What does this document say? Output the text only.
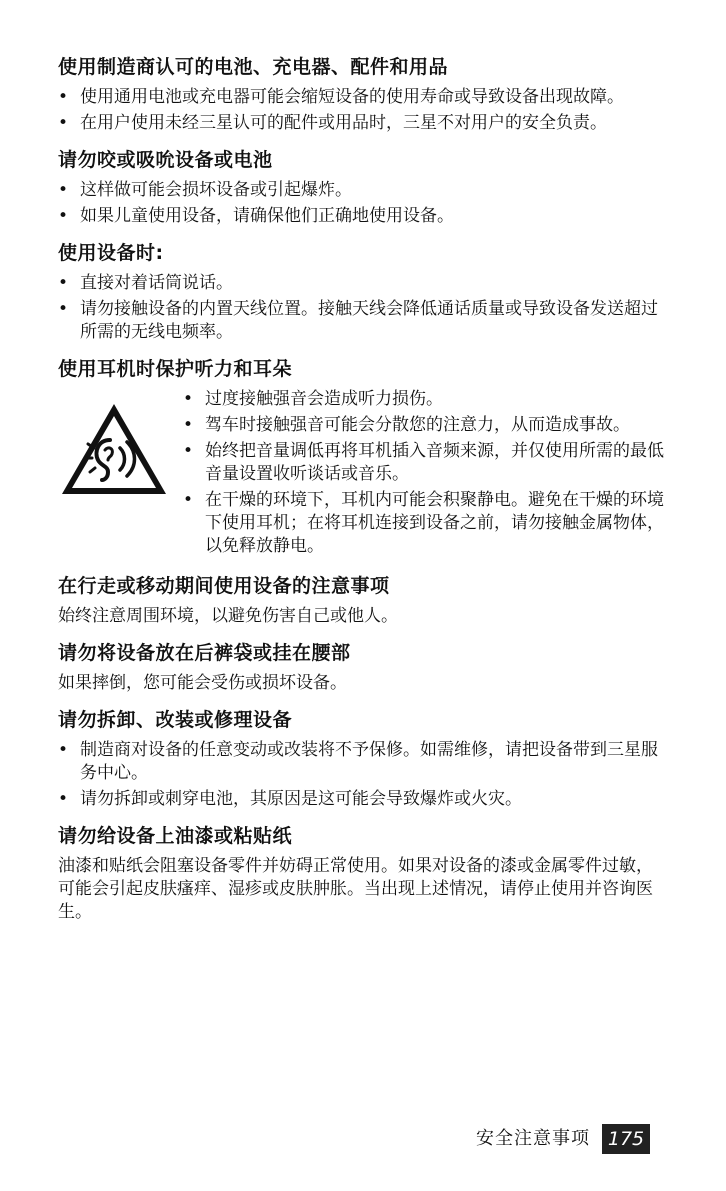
使用制造商认可的电池、充电器、配件和用品
• 使用通用电池或充电器可能会缩短设备的使用寿命或导致设备出现故障。
• 在用户使用未经三星认可的配件或用品时，三星不对用户的安全负责。
请勿咬或吸吮设备或电池
• 这样做可能会损坏设备或引起爆炸。
• 如果儿童使用设备，请确保他们正确地使用设备。
使用设备时:
• 直接对着话筒说话。
• 请勿接触设备的内置天线位置。接触天线会降低通话质量或导致设备发送超过所需的无线电频率。
使用耳机时保护听力和耳朵
• 过度接触强音会造成听力损伤。
• 驾车时接触强音可能会分散您的注意力，从而造成事故。
• 始终把音量调低再将耳机插入音频来源，并仅使用所需的最低音量设置收听谈话或音乐。
• 在干燥的环境下，耳机内可能会积聚静电。避免在干燥的环境下使用耳机；在将耳机连接到设备之前，请勿接触金属物体，以免释放静电。
在行走或移动期间使用设备的注意事项

始终注意周围环境，以避免伤害自己或他人。

请勿将设备放在后裤袋或挂在腰部

如果摔倒，您可能会受伤或损坏设备。

请勿拆卸、改装或修理设备
• 制造商对设备的任意变动或改装将不予保修。如需维修，请把设备带到三星服务中心。
• 请勿拆卸或刺穿电池，其原因是这可能会导致爆炸或火灾。
请勿给设备上油漆或粘贴纸

油漆和贴纸会阻塞设备零件并妨碍正常使用。如果对设备的漆或金属零件过敏，可能会引起皮肤瘙痒、湿疹或皮肤肿胀。当出现上述情况，请停止使用并咨询医生。

安全注意事项 175
